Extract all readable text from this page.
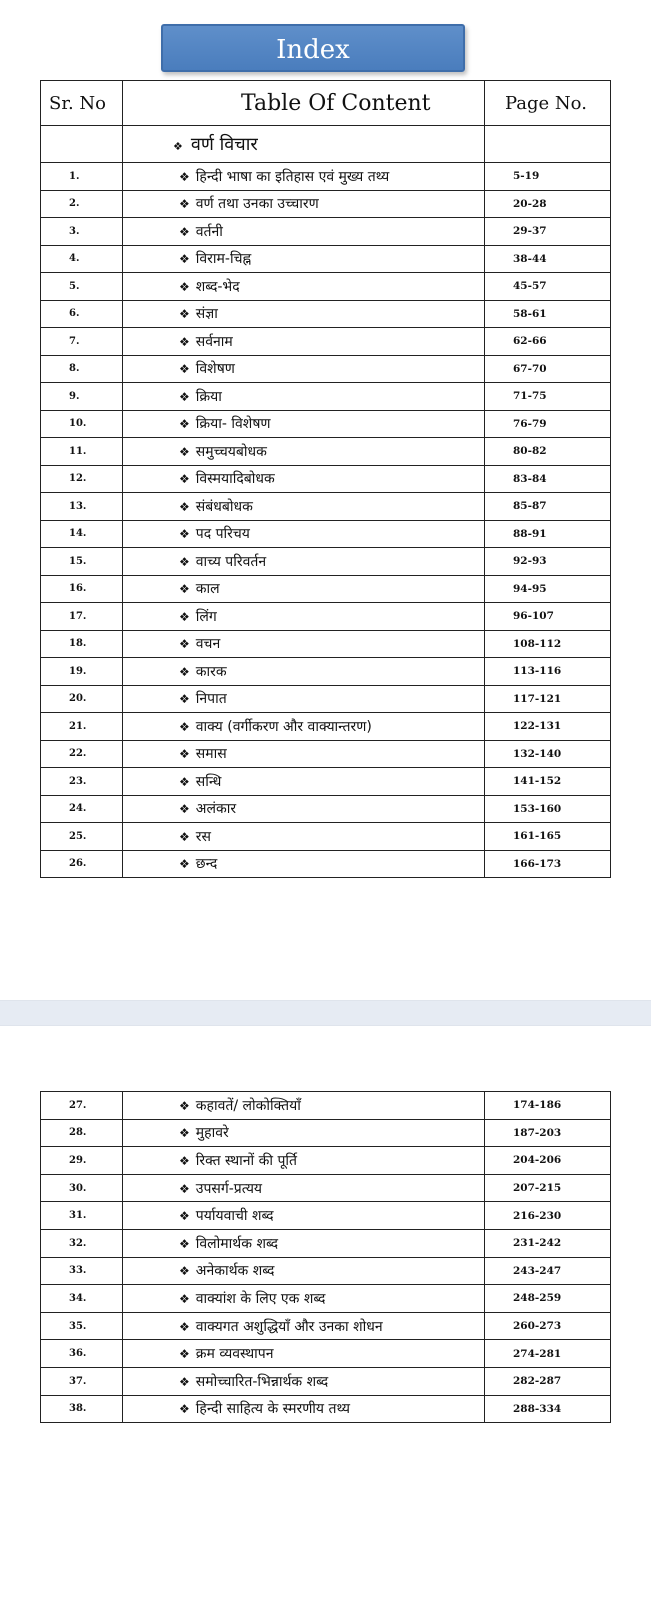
Index
Sr. No	Table Of Content	Page No.
	❖ वर्ण विचार	
1.	❖ हिन्दी भाषा का इतिहास एवं मुख्य तथ्य	5-19
2.	❖ वर्ण तथा उनका उच्चारण	20-28
3.	❖ वर्तनी	29-37
4.	❖ विराम-चिह्न	38-44
5.	❖ शब्द-भेद	45-57
6.	❖ संज्ञा	58-61
7.	❖ सर्वनाम	62-66
8.	❖ विशेषण	67-70
9.	❖ क्रिया	71-75
10.	❖ क्रिया- विशेषण	76-79
11.	❖ समुच्चयबोधक	80-82
12.	❖ विस्मयादिबोधक	83-84
13.	❖ संबंधबोधक	85-87
14.	❖ पद परिचय	88-91
15.	❖ वाच्य परिवर्तन	92-93
16.	❖ काल	94-95
17.	❖ लिंग	96-107
18.	❖ वचन	108-112
19.	❖ कारक	113-116
20.	❖ निपात	117-121
21.	❖ वाक्य (वर्गीकरण और वाक्यान्तरण)	122-131
22.	❖ समास	132-140
23.	❖ सन्धि	141-152
24.	❖ अलंकार	153-160
25.	❖ रस	161-165
26.	❖ छन्द	166-173
27.	❖ कहावतें/ लोकोक्तियाँ	174-186
28.	❖ मुहावरे	187-203
29.	❖ रिक्त स्थानों की पूर्ति	204-206
30.	❖ उपसर्ग-प्रत्यय	207-215
31.	❖ पर्यायवाची शब्द	216-230
32.	❖ विलोमार्थक शब्द	231-242
33.	❖ अनेकार्थक शब्द	243-247
34.	❖ वाक्यांश के लिए एक शब्द	248-259
35.	❖ वाक्यगत अशुद्धियाँ और उनका शोधन	260-273
36.	❖ क्रम व्यवस्थापन	274-281
37.	❖ समोच्चारित-भिन्नार्थक शब्द	282-287
38.	❖ हिन्दी साहित्य के स्मरणीय तथ्य	288-334
